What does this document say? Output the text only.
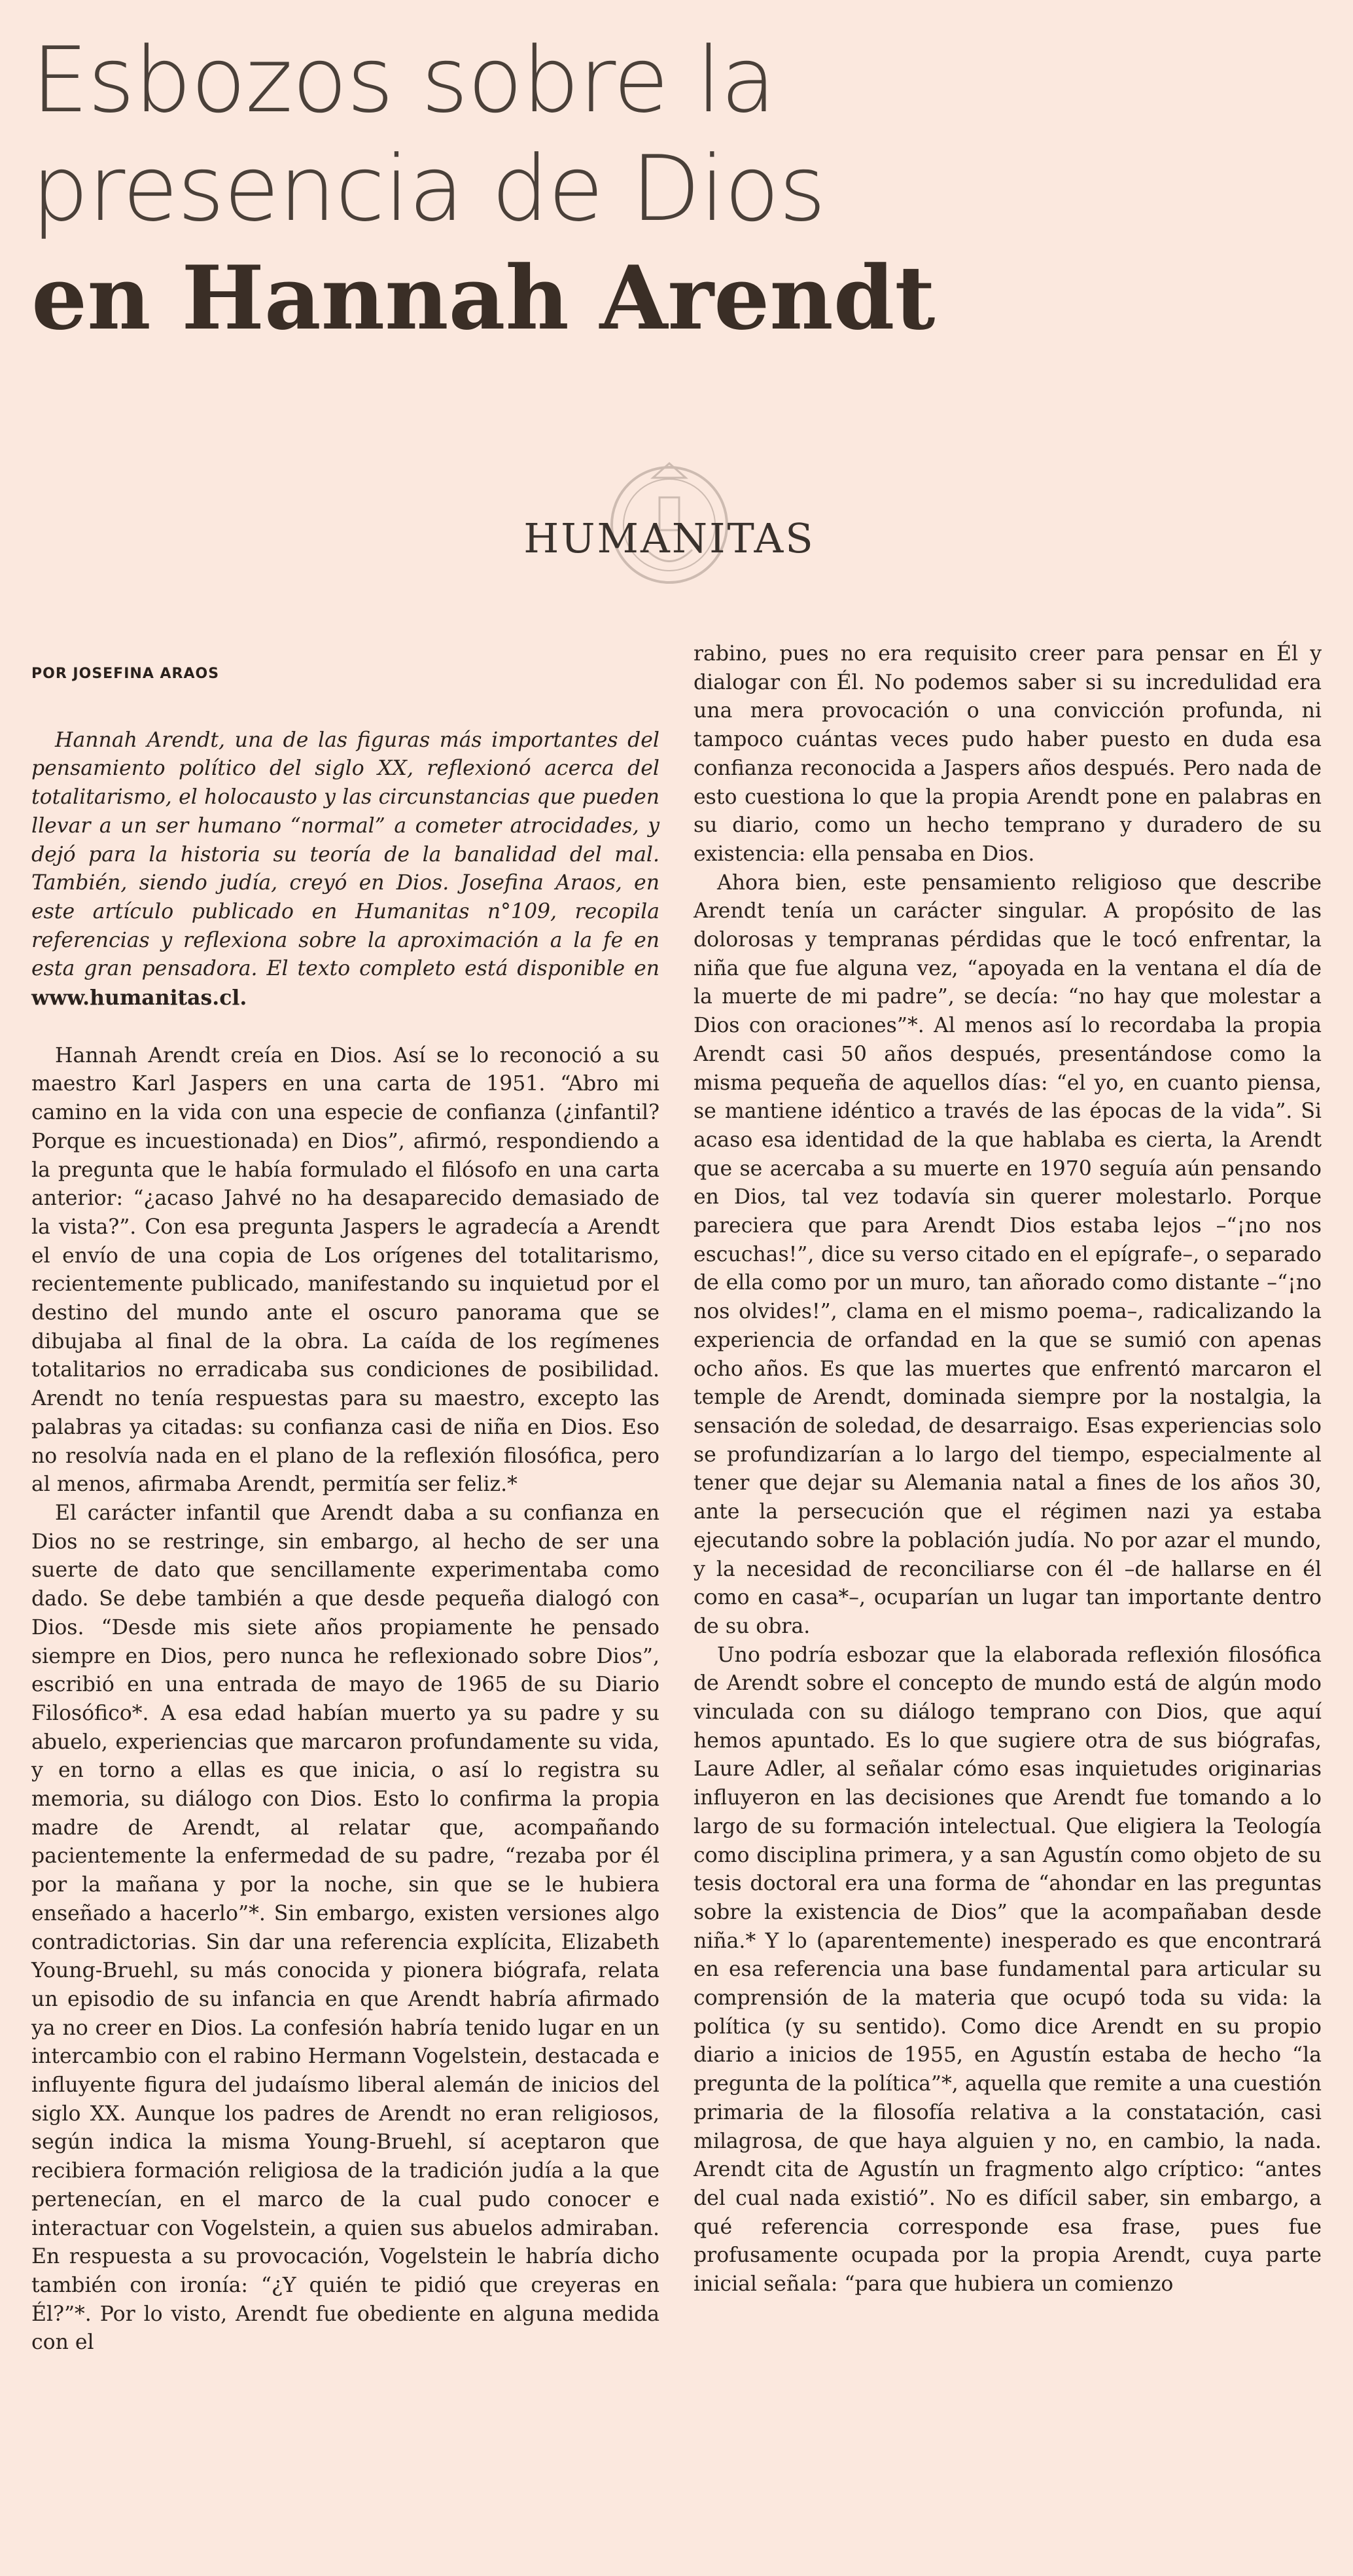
Esbozos sobre la
presencia de Dios
en Hannah Arendt
HUMANITAS

POR JOSEFINA ARAOS

Hannah Arendt, una de las figuras más importantes del pensamiento político del siglo XX, reflexionó acerca del totalitarismo, el holocausto y las circunstancias que pueden llevar a un ser humano “normal” a cometer atrocidades, y dejó para la historia su teoría de la banalidad del mal. También, siendo judía, creyó en Dios. Josefina Araos, en este artículo publicado en Humanitas n°109, recopila referencias y reflexiona sobre la aproximación a la fe en esta gran pensadora. El texto completo está disponible en www.humanitas.cl.

Hannah Arendt creía en Dios. Así se lo reconoció a su maestro Karl Jaspers en una carta de 1951. “Abro mi camino en la vida con una especie de confianza (¿infantil? Porque es incuestionada) en Dios”, afirmó, respondiendo a la pregunta que le había formulado el filósofo en una carta anterior: “¿acaso Jahvé no ha desaparecido demasiado de la vista?”. Con esa pregunta Jaspers le agradecía a Arendt el envío de una copia de Los orígenes del totalitarismo, recientemente publicado, manifestando su inquietud por el destino del mundo ante el oscuro panorama que se dibujaba al final de la obra. La caída de los regímenes totalitarios no erradicaba sus condiciones de posibilidad. Arendt no tenía respuestas para su maestro, excepto las palabras ya citadas: su confianza casi de niña en Dios. Eso no resolvía nada en el plano de la reflexión filosófica, pero al menos, afirmaba Arendt, permitía ser feliz.*

El carácter infantil que Arendt daba a su confianza en Dios no se restringe, sin embargo, al hecho de ser una suerte de dato que sencillamente experimentaba como dado. Se debe también a que desde pequeña dialogó con Dios. “Desde mis siete años propiamente he pensado siempre en Dios, pero nunca he reflexionado sobre Dios”, escribió en una entrada de mayo de 1965 de su Diario Filosófico*. A esa edad habían muerto ya su padre y su abuelo, experiencias que marcaron profundamente su vida, y en torno a ellas es que inicia, o así lo registra su memoria, su diálogo con Dios. Esto lo confirma la propia madre de Arendt, al relatar que, acompañando pacientemente la enfermedad de su padre, “rezaba por él por la mañana y por la noche, sin que se le hubiera enseñado a hacerlo”*. Sin embargo, existen versiones algo contradictorias. Sin dar una referencia explícita, Elizabeth Young-Bruehl, su más conocida y pionera biógrafa, relata un episodio de su infancia en que Arendt habría afirmado ya no creer en Dios. La confesión habría tenido lugar en un intercambio con el rabino Hermann Vogelstein, destacada e influyente figura del judaísmo liberal alemán de inicios del siglo XX. Aunque los padres de Arendt no eran religiosos, según indica la misma Young-Bruehl, sí aceptaron que recibiera formación religiosa de la tradición judía a la que pertenecían, en el marco de la cual pudo conocer e interactuar con Vogelstein, a quien sus abuelos admiraban. En respuesta a su provocación, Vogelstein le habría dicho también con ironía: “¿Y quién te pidió que creyeras en Él?”*. Por lo visto, Arendt fue obediente en alguna medida con el

rabino, pues no era requisito creer para pensar en Él y dialogar con Él. No podemos saber si su incredulidad era una mera provocación o una convicción profunda, ni tampoco cuántas veces pudo haber puesto en duda esa confianza reconocida a Jaspers años después. Pero nada de esto cuestiona lo que la propia Arendt pone en palabras en su diario, como un hecho temprano y duradero de su existencia: ella pensaba en Dios.

Ahora bien, este pensamiento religioso que describe Arendt tenía un carácter singular. A propósito de las dolorosas y tempranas pérdidas que le tocó enfrentar, la niña que fue alguna vez, “apoyada en la ventana el día de la muerte de mi padre”, se decía: “no hay que molestar a Dios con oraciones”*. Al menos así lo recordaba la propia Arendt casi 50 años después, presentándose como la misma pequeña de aquellos días: “el yo, en cuanto piensa, se mantiene idéntico a través de las épocas de la vida”. Si acaso esa identidad de la que hablaba es cierta, la Arendt que se acercaba a su muerte en 1970 seguía aún pensando en Dios, tal vez todavía sin querer molestarlo. Porque pareciera que para Arendt Dios estaba lejos –“¡no nos escuchas!”, dice su verso citado en el epígrafe–, o separado de ella como por un muro, tan añorado como distante –“¡no nos olvides!”, clama en el mismo poema–, radicalizando la experiencia de orfandad en la que se sumió con apenas ocho años. Es que las muertes que enfrentó marcaron el temple de Arendt, dominada siempre por la nostalgia, la sensación de soledad, de desarraigo. Esas experiencias solo se profundizarían a lo largo del tiempo, especialmente al tener que dejar su Alemania natal a fines de los años 30, ante la persecución que el régimen nazi ya estaba ejecutando sobre la población judía. No por azar el mundo, y la necesidad de reconciliarse con él –de hallarse en él como en casa*–, ocuparían un lugar tan importante dentro de su obra.

Uno podría esbozar que la elaborada reflexión filosófica de Arendt sobre el concepto de mundo está de algún modo vinculada con su diálogo temprano con Dios, que aquí hemos apuntado. Es lo que sugiere otra de sus biógrafas, Laure Adler, al señalar cómo esas inquietudes originarias influyeron en las decisiones que Arendt fue tomando a lo largo de su formación intelectual. Que eligiera la Teología como disciplina primera, y a san Agustín como objeto de su tesis doctoral era una forma de “ahondar en las preguntas sobre la existencia de Dios” que la acompañaban desde niña.* Y lo (aparentemente) inesperado es que encontrará en esa referencia una base fundamental para articular su comprensión de la materia que ocupó toda su vida: la política (y su sentido). Como dice Arendt en su propio diario a inicios de 1955, en Agustín estaba de hecho “la pregunta de la política”*, aquella que remite a una cuestión primaria de la filosofía relativa a la constatación, casi milagrosa, de que haya alguien y no, en cambio, la nada. Arendt cita de Agustín un fragmento algo críptico: “antes del cual nada existió”. No es difícil saber, sin embargo, a qué referencia corresponde esa frase, pues fue profusamente ocupada por la propia Arendt, cuya parte inicial señala: “para que hubiera un comienzo
